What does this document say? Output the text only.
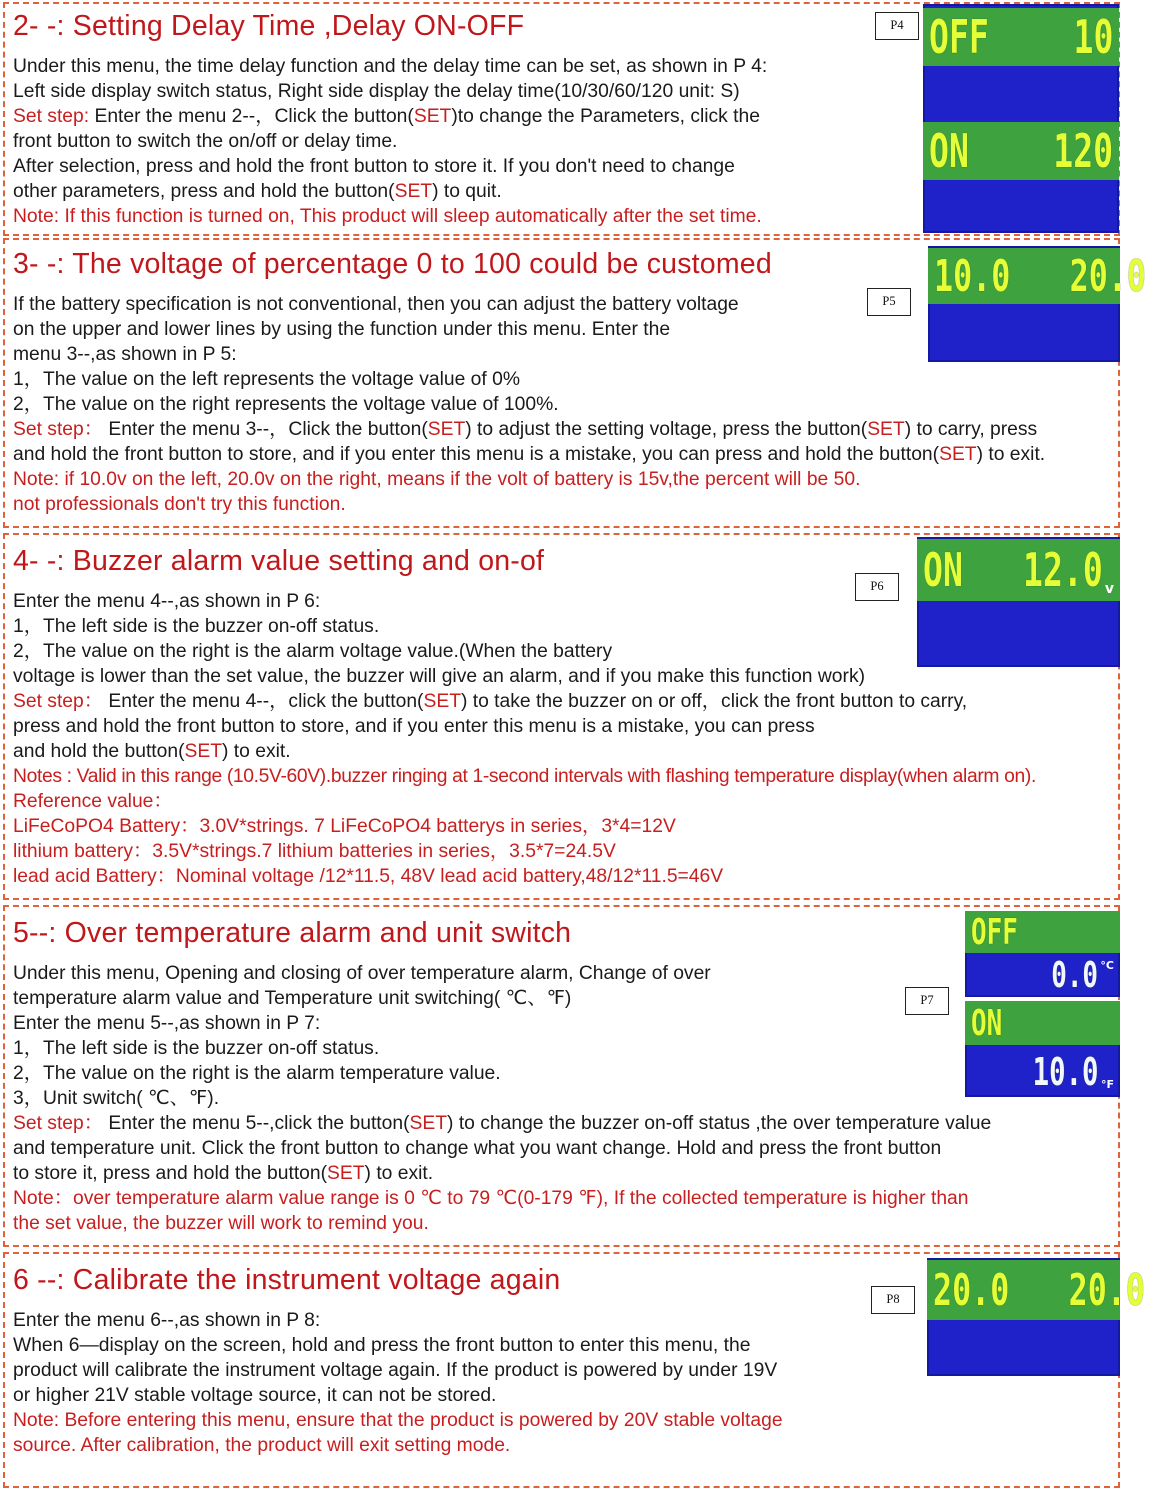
2- -: Setting Delay Time ,Delay ON-OFF
Under this menu, the time delay function and the delay time can be set, as shown in P 4:
Left side display switch status, Right side display the delay time(10/30/60/120 unit: S)
Set step: Enter the menu 2--，Click the button(SET)to change the Parameters, click the
front button to switch the on/off or delay time.
After selection, press and hold the front button to store it. If you don't need to change
other parameters, press and hold the button(SET) to quit.
Note: If this function is turned on, This product will sleep automatically after the set time.
P4 OFF 10
ON 120
3- -: The voltage of percentage 0 to 100 could be customed
If the battery specification is not conventional, then you can adjust the battery voltage
on the upper and lower lines by using the function under this menu. Enter the
menu 3--,as shown in P 5:
1，The value on the left represents the voltage value of 0%
2，The value on the right represents the voltage value of 100%.
Set step： Enter the menu 3--，Click the button(SET) to adjust the setting voltage, press the button(SET) to carry, press
and hold the front button to store, and if you enter this menu is a mistake, you can press and hold the button(SET) to exit.
Note: if 10.0v on the left, 20.0v on the right, means if the volt of battery is 15v,the percent will be 50.
not professionals don't try this function.
P5 10.0 20.0 v
4- -: Buzzer alarm value setting and on-of
Enter the menu 4--,as shown in P 6:
1，The left side is the buzzer on-off status.
2，The value on the right is the alarm voltage value.(When the battery
voltage is lower than the set value, the buzzer will give an alarm, and if you make this function work)
Set step： Enter the menu 4--，click the button(SET) to take the buzzer on or off，click the front button to carry,
press and hold the front button to store, and if you enter this menu is a mistake, you can press
and hold the button(SET) to exit.
Notes : Valid in this range (10.5V-60V).buzzer ringing at 1-second intervals with flashing temperature display(when alarm on).
Reference value：
LiFeCoPO4 Battery：3.0V*strings. 7 LiFeCoPO4 batterys in series，3*4=12V
lithium battery：3.5V*strings.7 lithium batteries in series，3.5*7=24.5V
lead acid Battery：Nominal voltage /12*11.5, 48V lead acid battery,48/12*11.5=46V
P6 ON 12.0 v
5--: Over temperature alarm and unit switch
Under this menu, Opening and closing of over temperature alarm, Change of over
temperature alarm value and Temperature unit switching( ℃、℉)
Enter the menu 5--,as shown in P 7:
1，The left side is the buzzer on-off status.
2，The value on the right is the alarm temperature value.
3，Unit switch( ℃、℉).
Set step： Enter the menu 5--,click the button(SET) to change the buzzer on-off status ,the over temperature value
and temperature unit. Click the front button to change what you want change. Hold and press the front button
to store it, press and hold the button(SET) to exit.
Note：over temperature alarm value range is 0 ℃ to 79 ℃(0-179 ℉), If the collected temperature is higher than
the set value, the buzzer will work to remind you.
P7
OFF
0.0 °C
ON
10.0 °F
6 --: Calibrate the instrument voltage again
Enter the menu 6--,as shown in P 8:
When 6—display on the screen, hold and press the front button to enter this menu, the
product will calibrate the instrument voltage again. If the product is powered by under 19V
or higher 21V stable voltage source, it can not be stored.
Note: Before entering this menu, ensure that the product is powered by 20V stable voltage
source. After calibration, the product will exit setting mode.
P8 20.0 20.0 v
